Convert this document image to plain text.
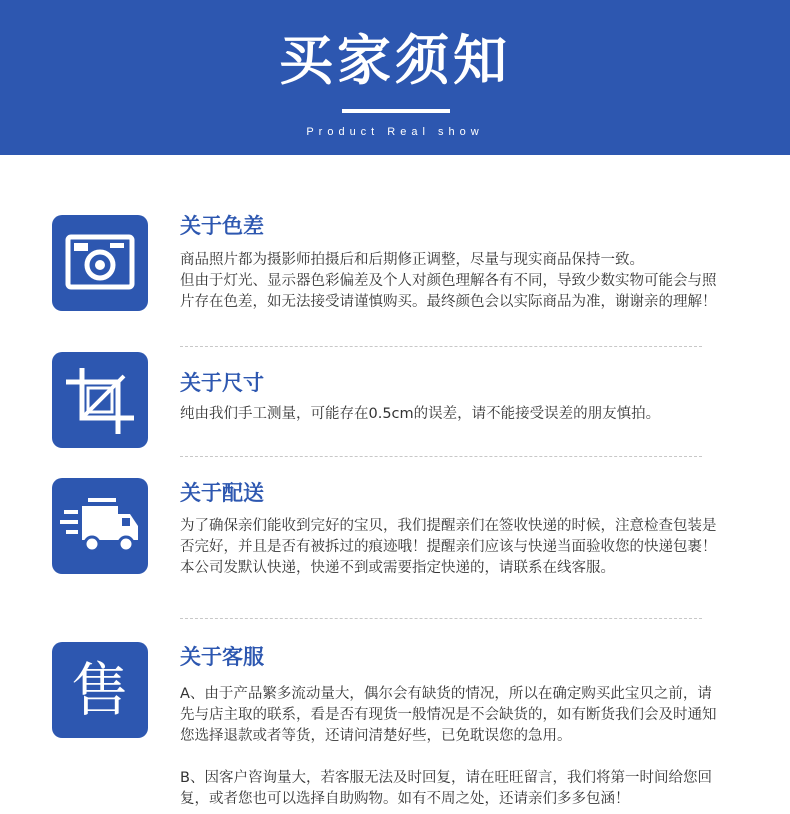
买家须知
Product Real show
关于色差

商品照片都为摄影师拍摄后和后期修正调整，尽量与现实商品保持一致。

但由于灯光、显示器色彩偏差及个人对颜色理解各有不同，导致少数实物可能会与照片存在色差，如无法接受请谨慎购买。最终颜色会以实际商品为准，谢谢亲的理解！

关于尺寸

纯由我们手工测量，可能存在0.5cm的误差，请不能接受误差的朋友慎拍。

关于配送

为了确保亲们能收到完好的宝贝，我们提醒亲们在签收快递的时候，注意检查包装是否完好，并且是否有被拆过的痕迹哦！提醒亲们应该与快递当面验收您的快递包裹！

本公司发默认快递，快递不到或需要指定快递的，请联系在线客服。

售	关于客服

A、由于产品繁多流动量大，偶尔会有缺货的情况，所以在确定购买此宝贝之前，请先与店主取的联系，看是否有现货一般情况是不会缺货的，如有断货我们会及时通知您选择退款或者等货，还请问清楚好些，已免耽误您的急用。

B、因客户咨询量大，若客服无法及时回复，请在旺旺留言，我们将第一时间给您回复，或者您也可以选择自助购物。如有不周之处，还请亲们多多包涵！
